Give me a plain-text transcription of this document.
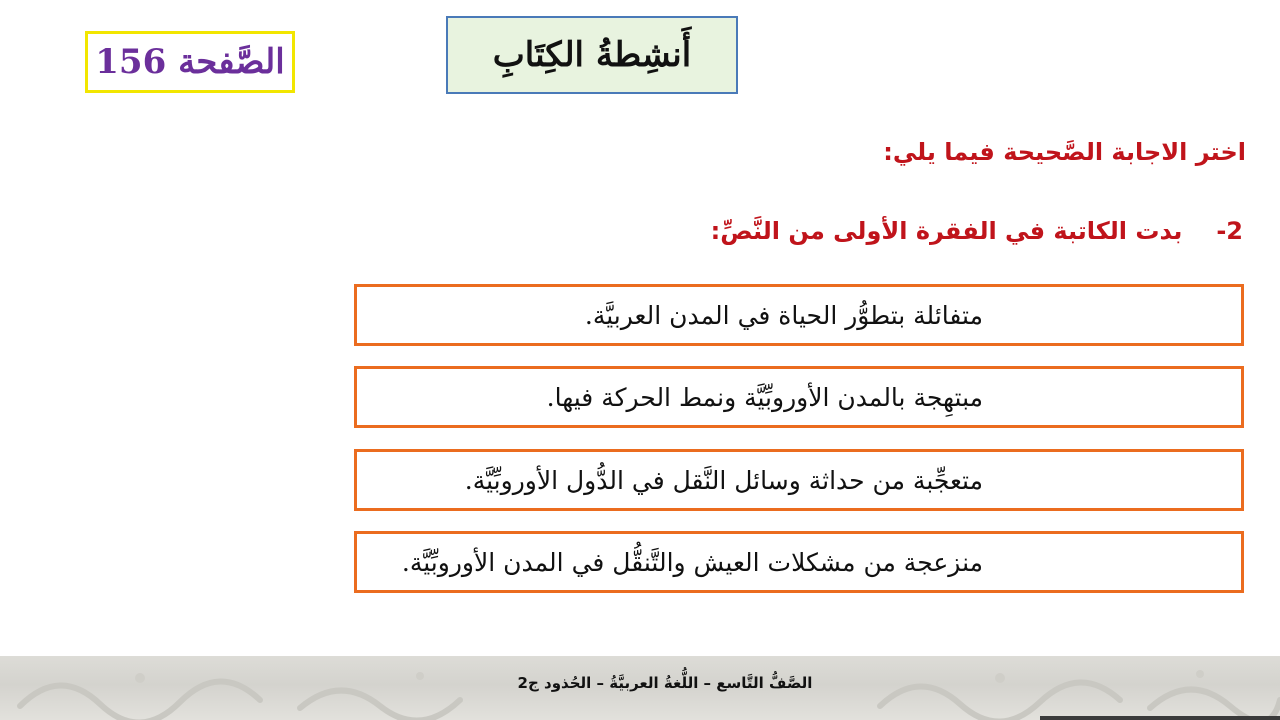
الصَّفحة 156	أَنشِطةُ الكِتَابِ
اختر الاجابة الصَّحيحة فيما يلي:
2-
بدت الكاتبة في الفقرة الأولى من النَّصِّ:
متفائلة بتطوُّر الحياة في المدن العربيَّة.
مبتهِجة بالمدن الأوروبِّيَّة ونمط الحركة فيها.
متعجِّبة من حداثة وسائل النَّقل في الدُّول الأوروبِّيَّة.
منزعجة من مشكلات العيش والتَّنقُّل في المدن الأوروبِّيَّة.
الصَّفُّ التَّاسع – اللُّغةُ العربيَّةُ – الحُذود ج2
